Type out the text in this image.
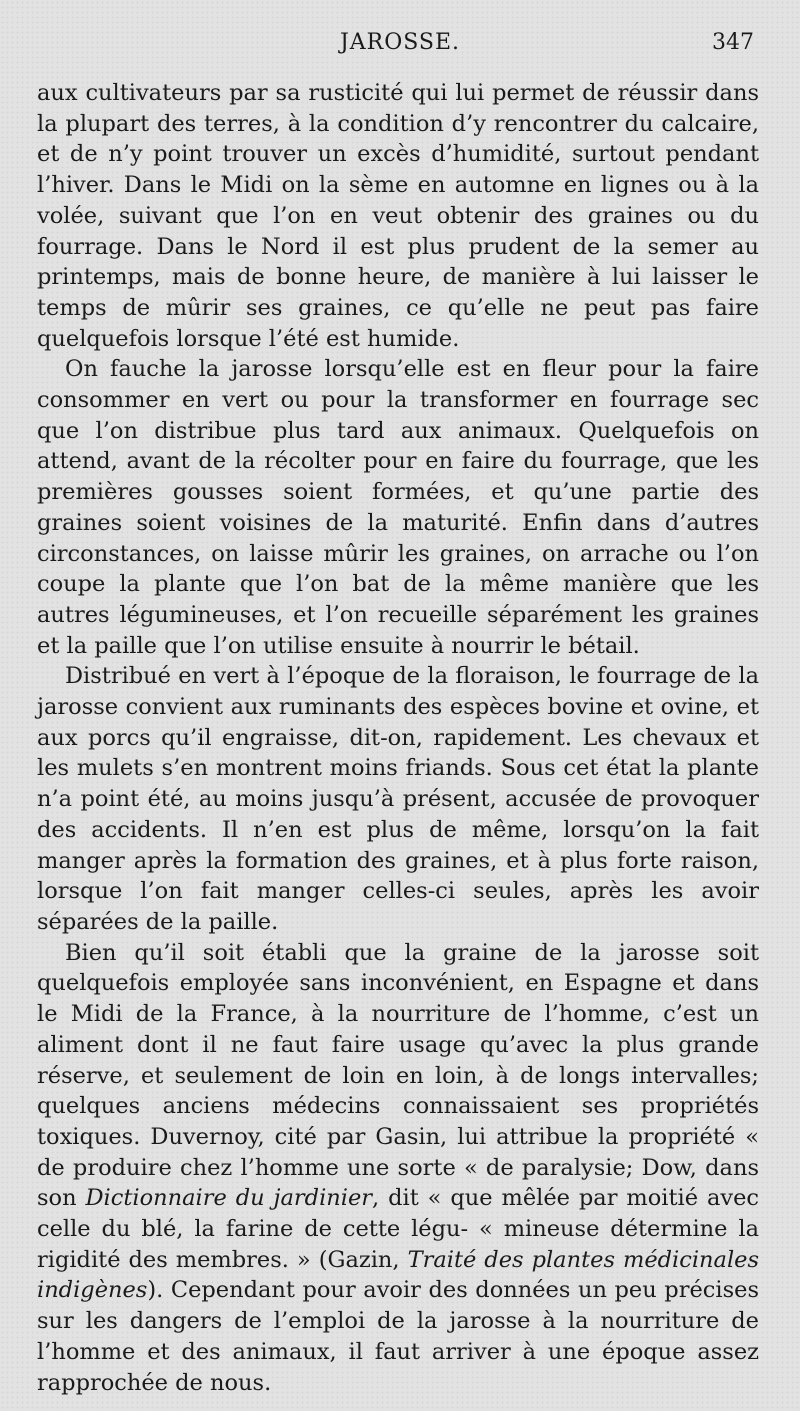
JAROSSE.	347

aux cultivateurs par sa rusticité qui lui permet de réussir dans la plupart des terres, à la condition d’y rencontrer du calcaire, et de n’y point trouver un excès d’humidité, surtout pendant l’hiver. Dans le Midi on la sème en automne en lignes ou à la volée, suivant que l’on en veut obtenir des graines ou du fourrage. Dans le Nord il est plus prudent de la semer au printemps, mais de bonne heure, de manière à lui laisser le temps de mûrir ses graines, ce qu’elle ne peut pas faire quelquefois lorsque l’été est humide.

On fauche la jarosse lorsqu’elle est en fleur pour la faire consommer en vert ou pour la transformer en fourrage sec que l’on distribue plus tard aux animaux. Quelquefois on attend, avant de la récolter pour en faire du fourrage, que les premières gousses soient formées, et qu’une partie des graines soient voisines de la maturité. Enfin dans d’autres circonstances, on laisse mûrir les graines, on arrache ou l’on coupe la plante que l’on bat de la même manière que les autres légumineuses, et l’on recueille séparément les graines et la paille que l’on utilise ensuite à nourrir le bétail.

Distribué en vert à l’époque de la floraison, le fourrage de la jarosse convient aux ruminants des espèces bovine et ovine, et aux porcs qu’il engraisse, dit-on, rapidement. Les chevaux et les mulets s’en montrent moins friands. Sous cet état la plante n’a point été, au moins jusqu’à présent, accusée de provoquer des accidents. Il n’en est plus de même, lorsqu’on la fait manger après la formation des graines, et à plus forte raison, lorsque l’on fait manger celles-ci seules, après les avoir séparées de la paille.

Bien qu’il soit établi que la graine de la jarosse soit quelquefois employée sans inconvénient, en Espagne et dans le Midi de la France, à la nourriture de l’homme, c’est un aliment dont il ne faut faire usage qu’avec la plus grande réserve, et seulement de loin en loin, à de longs intervalles; quelques anciens médecins connaissaient ses propriétés toxiques. Duvernoy, cité par Gasin, lui attribue la propriété « de produire chez l’homme une sorte « de paralysie; Dow, dans son Dictionnaire du jardinier, dit « que mêlée par moitié avec celle du blé, la farine de cette légu- « mineuse détermine la rigidité des membres. » (Gazin, Traité des plantes médicinales indigènes). Cependant pour avoir des données un peu précises sur les dangers de l’emploi de la jarosse à la nourriture de l’homme et des animaux, il faut arriver à une époque assez rapprochée de nous.
